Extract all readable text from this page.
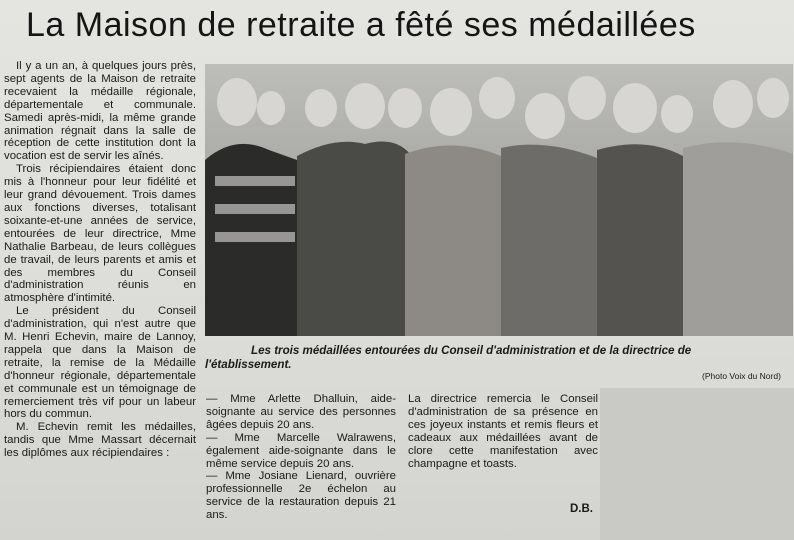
La Maison de retraite a fêté ses médaillées

Il y a un an, à quelques jours près, sept agents de la Maison de retraite recevaient la médaille régionale, départementale et communale. Samedi après-midi, la même grande animation régnait dans la salle de réception de cette institution dont la vocation est de servir les aînés.

Trois récipiendaires étaient donc mis à l'honneur pour leur fidélité et leur grand dévouement. Trois dames aux fonctions diverses, totalisant soixante-et-une années de service, entourées de leur directrice, Mme Nathalie Barbeau, de leurs collègues de travail, de leurs parents et amis et des membres du Conseil d'administration réunis en atmosphère d'intimité.

Le président du Conseil d'administration, qui n'est autre que M. Henri Echevin, maire de Lannoy, rappela que dans la Maison de retraite, la remise de la Médaille d'honneur régionale, départementale et communale est un témoignage de remerciement très vif pour un labeur hors du commun.

M. Echevin remit les médailles, tandis que Mme Massart décernait les diplômes aux récipiendaires :

Les trois médaillées entourées du Conseil d'administration et de la directrice de
l'établissement.
(Photo Voix du Nord)

— Mme Arlette Dhalluin, aide-soignante au service des personnes âgées depuis 20 ans.

— Mme Marcelle Walrawens, également aide-soignante dans le même service depuis 20 ans.

— Mme Josiane Lienard, ouvrière professionnelle 2e échelon au service de la restauration depuis 21 ans.

La directrice remercia le Conseil d'administration de sa présence en ces joyeux instants et remis fleurs et cadeaux aux médaillées avant de clore cette manifestation avec champagne et toasts.

D.B.
